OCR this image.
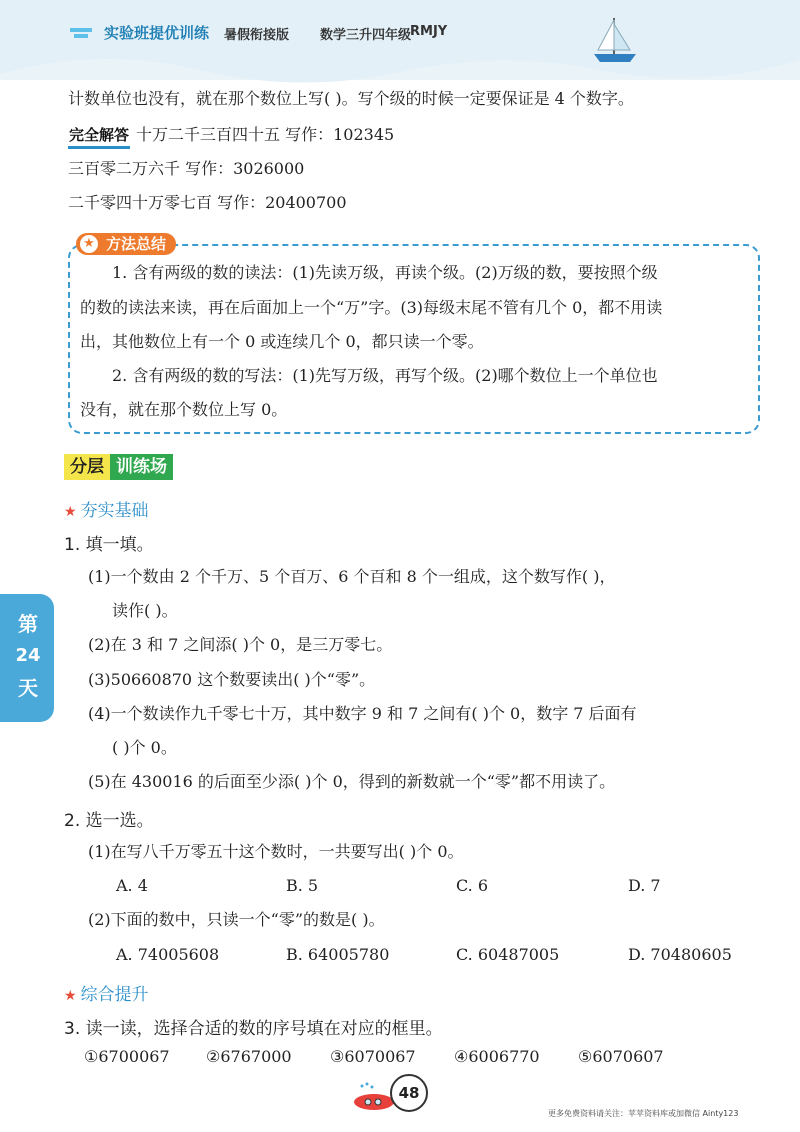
实验班提优训练 暑假衔接版 数学三升四年级
RMJY
计数单位也没有，就在那个数位上写( )。写个级的时候一定要保证是 4 个数字。
完全解答 十万二千三百四十五 写作：102345
三百零二万六千 写作：3026000
二千零四十万零七百 写作：20400700
方法总结
★
1. 含有两级的数的读法：(1)先读万级，再读个级。(2)万级的数，要按照个级
的数的读法来读，再在后面加上一个“万”字。(3)每级末尾不管有几个 0，都不用读
出，其他数位上有一个 0 或连续几个 0，都只读一个零。
2. 含有两级的数的写法：(1)先写万级，再写个级。(2)哪个数位上一个单位也
没有，就在那个数位上写 0。
分层 训练场
★ 夯实基础
1. 填一填。
(1)一个数由 2 个千万、5 个百万、6 个百和 8 个一组成，这个数写作( )，
读作( )。
(2)在 3 和 7 之间添( )个 0，是三万零七。
(3)50660870 这个数要读出( )个“零”。
(4)一个数读作九千零七十万，其中数字 9 和 7 之间有( )个 0，数字 7 后面有
( )个 0。
(5)在 430016 的后面至少添( )个 0，得到的新数就一个“零”都不用读了。
第
24
天
2. 选一选。
(1)在写八千万零五十这个数时，一共要写出( )个 0。
A. 4	B. 5	C. 6	D. 7
(2)下面的数中，只读一个“零”的数是( )。
A. 74005608	B. 64005780	C. 60487005	D. 70480605
★ 综合提升
3. 读一读，选择合适的数的序号填在对应的框里。
①6700067 ②6767000 ③6070067 ④6006770 ⑤6070607
48
更多免费资料请关注：苹苹资料库或加微信 Ainty123
